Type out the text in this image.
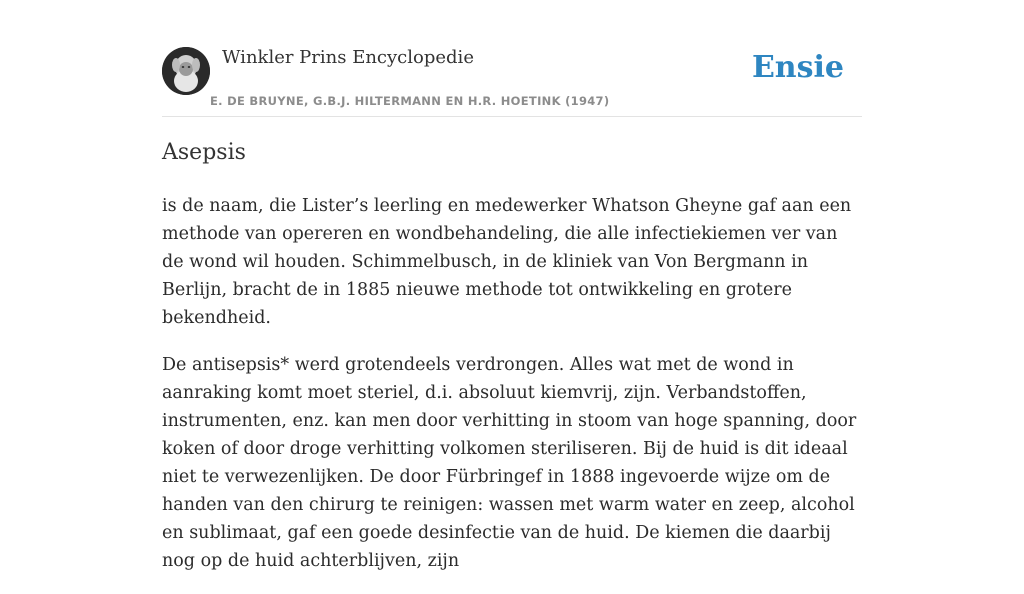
Winkler Prins Encyclopedie
E. DE BRUYNE, G.B.J. HILTERMANN EN H.R. HOETINK (1947)
Ensie
Asepsis

is de naam, die Lister’s leerling en medewerker Whatson Gheyne gaf aan een methode van opereren en wondbehandeling, die alle infectiekiemen ver van de wond wil houden. Schimmelbusch, in de kliniek van Von Bergmann in Berlijn, bracht de in 1885 nieuwe methode tot ontwikkeling en grotere bekendheid.

De antisepsis* werd grotendeels verdrongen. Alles wat met de wond in aanraking komt moet steriel, d.i. absoluut kiemvrij, zijn. Verbandstoffen, instrumenten, enz. kan men door verhitting in stoom van hoge spanning, door koken of door droge verhitting volkomen steriliseren. Bij de huid is dit ideaal niet te verwezenlijken. De door Fürbringef in 1888 ingevoerde wijze om de handen van den chirurg te reinigen: wassen met warm water en zeep, alcohol en sublimaat, gaf een goede desinfectie van de huid. De kiemen die daarbij nog op de huid achterblijven, zijn
